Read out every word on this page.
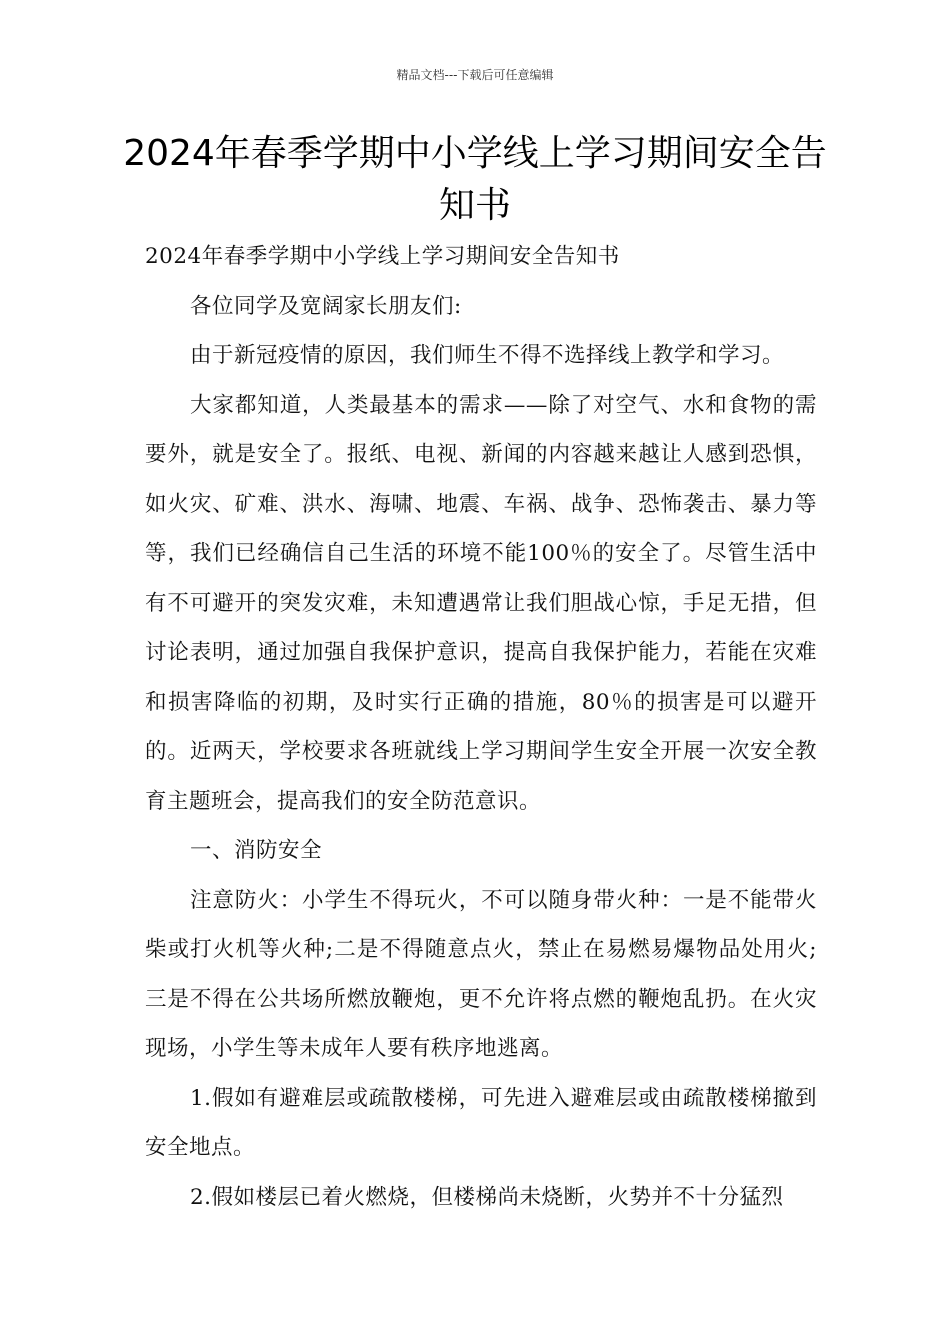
精品文档---下载后可任意编辑
2024年春季学期中小学线上学习期间安全告知书

2024年春季学期中小学线上学习期间安全告知书

各位同学及宽阔家长朋友们:

由于新冠疫情的原因，我们师生不得不选择线上教学和学习。

大家都知道，人类最基本的需求——除了对空气、水和食物的需要外，就是安全了。报纸、电视、新闻的内容越来越让人感到恐惧，如火灾、矿难、洪水、海啸、地震、车祸、战争、恐怖袭击、暴力等等，我们已经确信自己生活的环境不能100％的安全了。尽管生活中有不可避开的突发灾难，未知遭遇常让我们胆战心惊，手足无措，但讨论表明，通过加强自我保护意识，提高自我保护能力，若能在灾难和损害降临的初期，及时实行正确的措施，80％的损害是可以避开的。近两天，学校要求各班就线上学习期间学生安全开展一次安全教育主题班会，提高我们的安全防范意识。

一、消防安全

注意防火：小学生不得玩火，不可以随身带火种：一是不能带火柴或打火机等火种;二是不得随意点火，禁止在易燃易爆物品处用火;三是不得在公共场所燃放鞭炮，更不允许将点燃的鞭炮乱扔。在火灾现场，小学生等未成年人要有秩序地逃离。

1.假如有避难层或疏散楼梯，可先进入避难层或由疏散楼梯撤到安全地点。

2.假如楼层已着火燃烧，但楼梯尚未烧断，火势并不十分猛烈
